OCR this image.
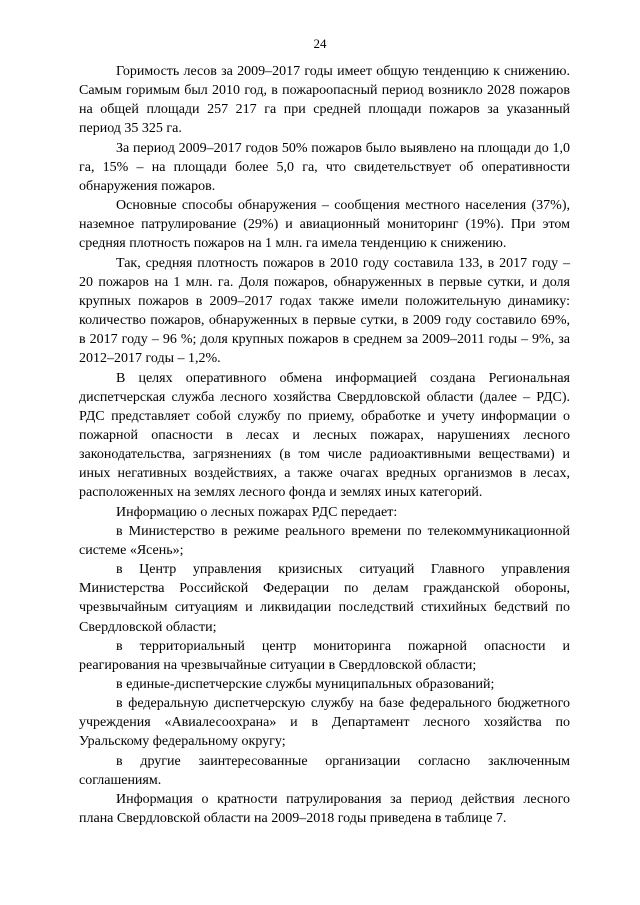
24

Горимость лесов за 2009–2017 годы имеет общую тенденцию к снижению. Самым горимым был 2010 год, в пожароопасный период возникло 2028 пожаров на общей площади 257 217 га при средней площади пожаров за указанный период 35 325 га.

За период 2009–2017 годов 50% пожаров было выявлено на площади до 1,0 га, 15% – на площади более 5,0 га, что свидетельствует об оперативности обнаружения пожаров.

Основные способы обнаружения – сообщения местного населения (37%), наземное патрулирование (29%) и авиационный мониторинг (19%). При этом средняя плотность пожаров на 1 млн. га имела тенденцию к снижению.

Так, средняя плотность пожаров в 2010 году составила 133, в 2017 году – 20 пожаров на 1 млн. га. Доля пожаров, обнаруженных в первые сутки, и доля крупных пожаров в 2009–2017 годах также имели положительную динамику: количество пожаров, обнаруженных в первые сутки, в 2009 году составило 69%, в 2017 году – 96 %; доля крупных пожаров в среднем за 2009–2011 годы – 9%, за 2012–2017 годы – 1,2%.

В целях оперативного обмена информацией создана Региональная диспетчерская служба лесного хозяйства Свердловской области (далее – РДС). РДС представляет собой службу по приему, обработке и учету информации о пожарной опасности в лесах и лесных пожарах, нарушениях лесного законодательства, загрязнениях (в том числе радиоактивными веществами) и иных негативных воздействиях, а также очагах вредных организмов в лесах, расположенных на землях лесного фонда и землях иных категорий.

Информацию о лесных пожарах РДС передает:

в Министерство в режиме реального времени по телекоммуникационной системе «Ясень»;

в Центр управления кризисных ситуаций Главного управления Министерства Российской Федерации по делам гражданской обороны, чрезвычайным ситуациям и ликвидации последствий стихийных бедствий по Свердловской области;

в территориальный центр мониторинга пожарной опасности и реагирования на чрезвычайные ситуации в Свердловской области;

в единые-диспетчерские службы муниципальных образований;

в федеральную диспетчерскую службу на базе федерального бюджетного учреждения «Авиалесоохрана» и в Департамент лесного хозяйства по Уральскому федеральному округу;

в другие заинтересованные организации согласно заключенным соглашениям.

Информация о кратности патрулирования за период действия лесного плана Свердловской области на 2009–2018 годы приведена в таблице 7.
